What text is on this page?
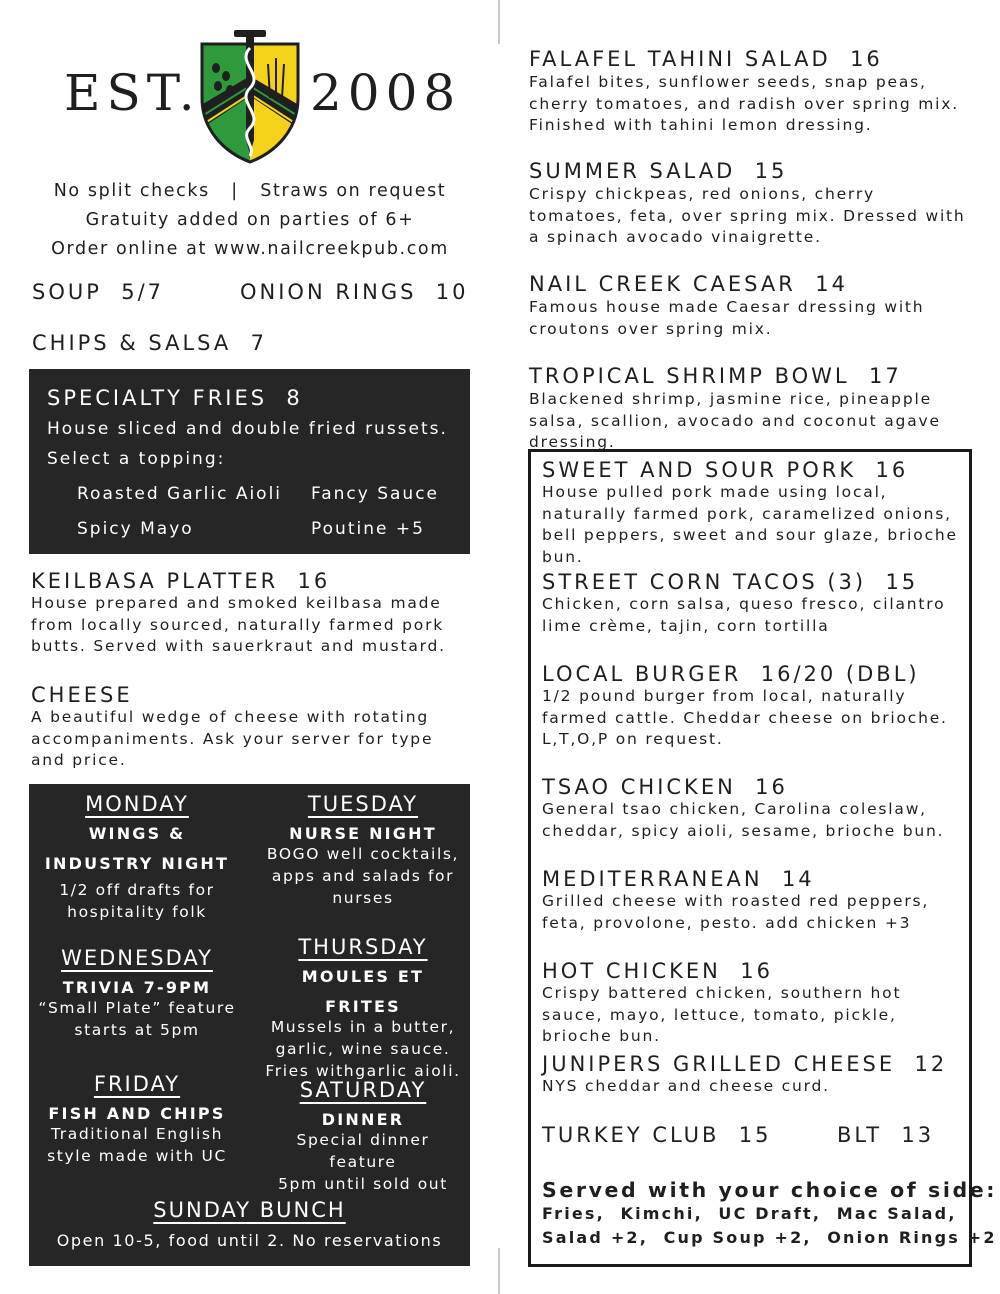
EST. 2008
No split checks   |   Straws on request
Gratuity added on parties of 6+
Order online at www.nailcreekpub.com
SOUP  5/7	ONION RINGS  10
CHIPS & SALSA  7
SPECIALTY FRIES  8
House sliced and double fried russets.
Select a topping:
Roasted Garlic Aioli Fancy Sauce
Spicy Mayo	Poutine +5
KEILBASA PLATTER  16
House prepared and smoked keilbasa made from locally sourced, naturally farmed pork butts. Served with sauerkraut and mustard.
CHEESE
A beautiful wedge of cheese with rotating accompaniments. Ask your server for type and price.
MONDAY
WINGS &
INDUSTRY NIGHT
1/2 off drafts for
hospitality folk
TUESDAY
NURSE NIGHT
BOGO well cocktails,
apps and salads for
nurses
WEDNESDAY
TRIVIA 7-9PM
“Small Plate” feature
starts at 5pm
THURSDAY
MOULES ET FRITES
Mussels in a butter,
garlic, wine sauce.
Fries withgarlic aioli.
FRIDAY
FISH AND CHIPS
Traditional English
style made with UC
SATURDAY
DINNER
Special dinner feature
5pm until sold out
SUNDAY BUNCH
Open 10-5, food until 2. No reservations
FALAFEL TAHINI SALAD  16
Falafel bites, sunflower seeds, snap peas, cherry tomatoes, and radish over spring mix. Finished with tahini lemon dressing.
SUMMER SALAD  15
Crispy chickpeas, red onions, cherry tomatoes, feta, over spring mix. Dressed with a spinach avocado vinaigrette.
NAIL CREEK CAESAR  14
Famous house made Caesar dressing with croutons over spring mix.
TROPICAL SHRIMP BOWL  17
Blackened shrimp, jasmine rice, pineapple salsa, scallion, avocado and coconut agave dressing.
SWEET AND SOUR PORK  16
House pulled pork made using local, naturally farmed pork, caramelized onions, bell peppers, sweet and sour glaze, brioche bun.
STREET CORN TACOS (3)  15
Chicken, corn salsa, queso fresco, cilantro lime crème, tajin, corn tortilla
LOCAL BURGER  16/20 (DBL)
1/2 pound burger from local, naturally farmed cattle. Cheddar cheese on brioche. L,T,O,P on request.
TSAO CHICKEN  16
General tsao chicken, Carolina coleslaw, cheddar, spicy aioli, sesame, brioche bun.
MEDITERRANEAN  14
Grilled cheese with roasted red peppers, feta, provolone, pesto. add chicken +3
HOT CHICKEN  16
Crispy battered chicken, southern hot sauce, mayo, lettuce, tomato, pickle, brioche bun.
JUNIPERS GRILLED CHEESE  12
NYS cheddar and cheese curd.
TURKEY CLUB  15	BLT  13
Served with your choice of side:
Fries,  Kimchi,  UC Draft,  Mac Salad,
Salad +2,  Cup Soup +2,  Onion Rings +2
